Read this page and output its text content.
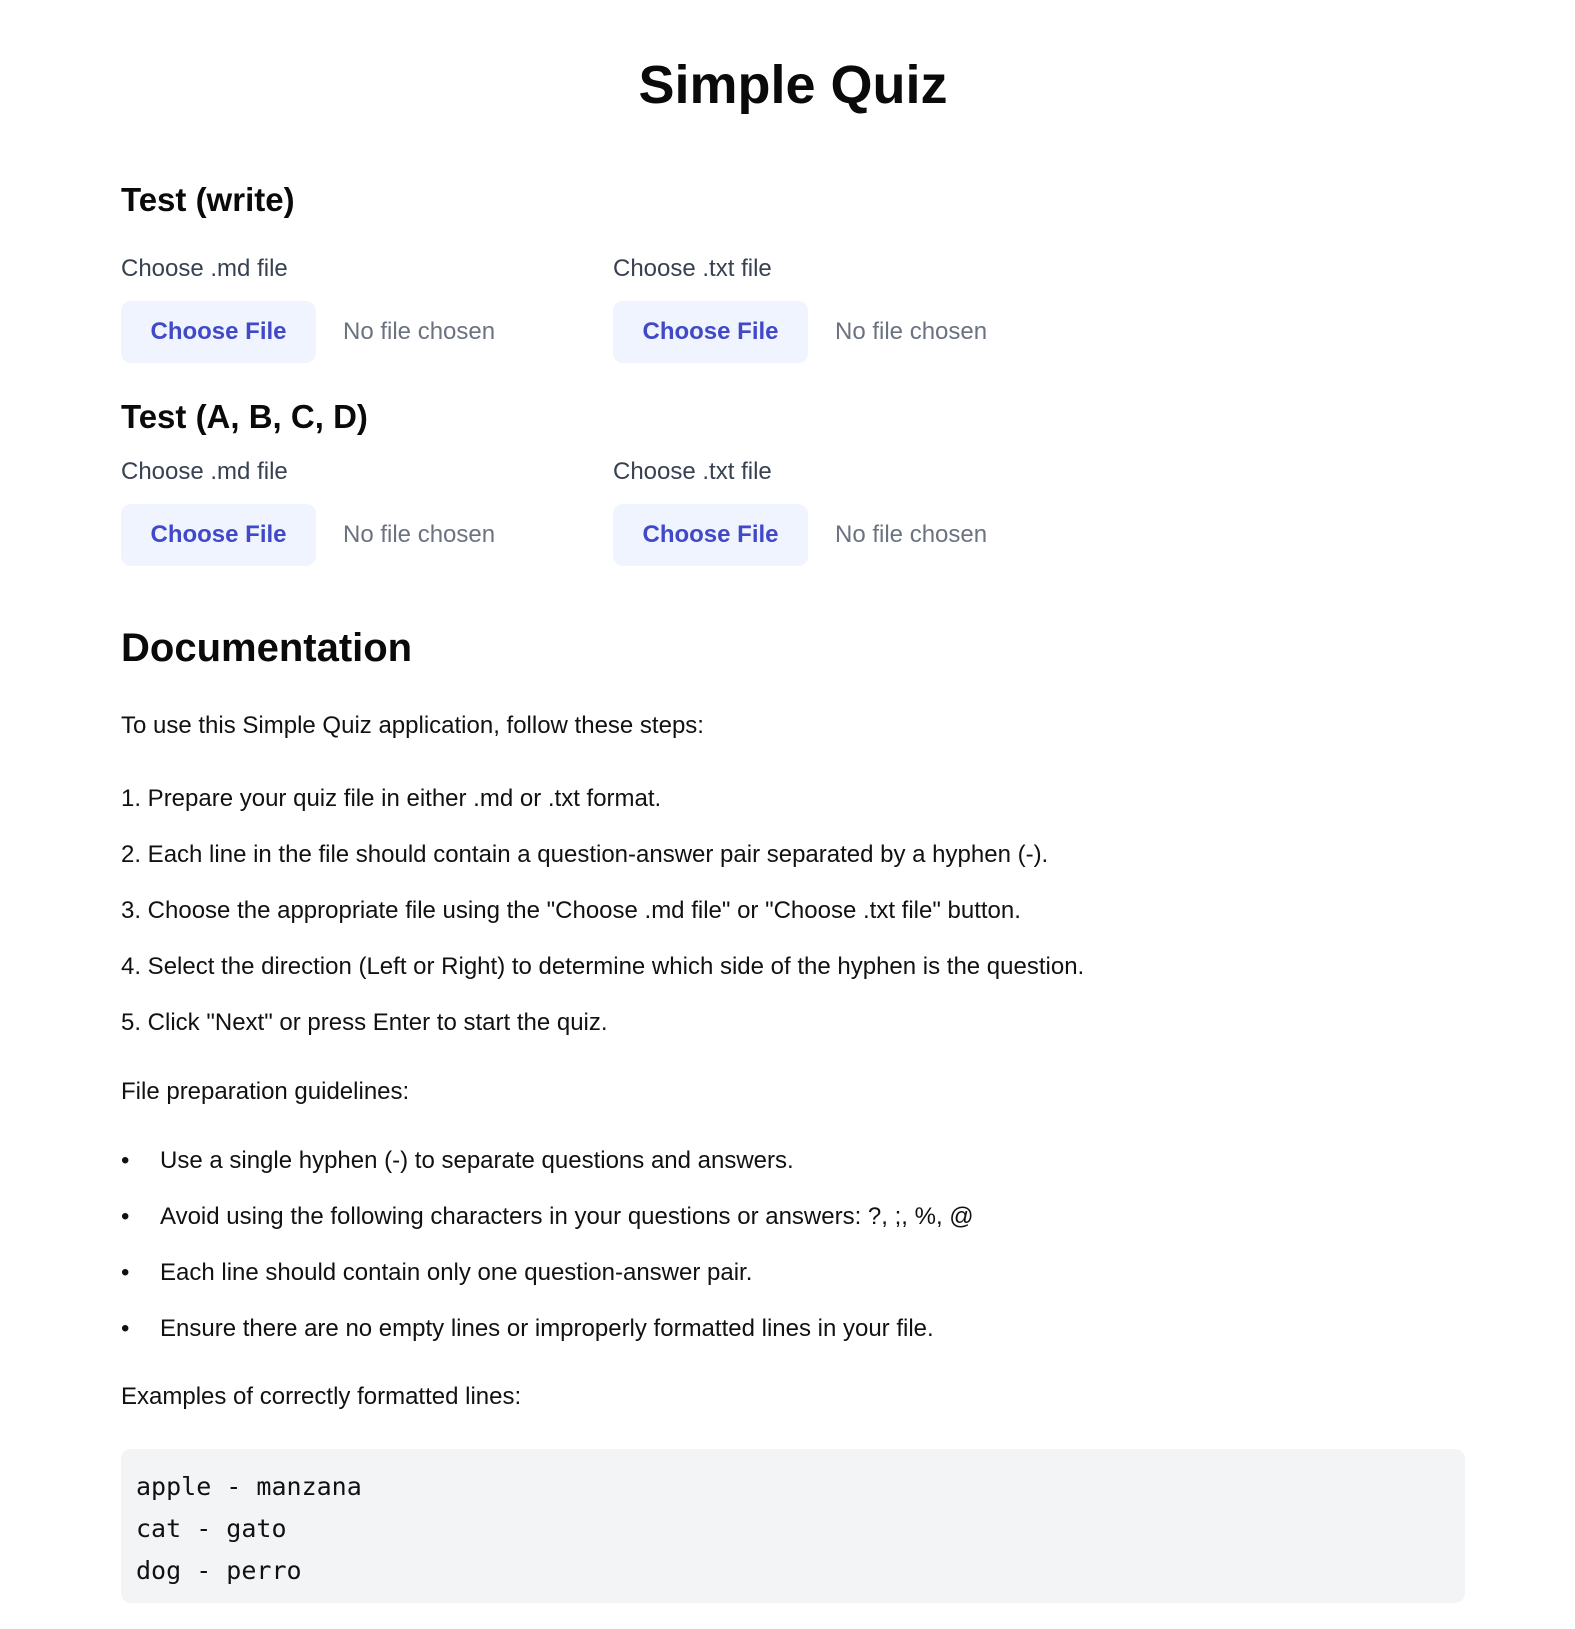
Simple Quiz
Test (write)
Choose .md file
Choose File	No file chosen
Choose .txt file
Choose File	No file chosen
Test (A, B, C, D)
Choose .md file
Choose File	No file chosen
Choose .txt file
Choose File	No file chosen
Documentation

To use this Simple Quiz application, follow these steps:

1. Prepare your quiz file in either .md or .txt format.

2. Each line in the file should contain a question-answer pair separated by a hyphen (-).

3. Choose the appropriate file using the "Choose .md file" or "Choose .txt file" button.

4. Select the direction (Left or Right) to determine which side of the hyphen is the question.

5. Click "Next" or press Enter to start the quiz.

File preparation guidelines:

• Use a single hyphen (-) to separate questions and answers.
• Avoid using the following characters in your questions or answers: ?, ;, %, @
• Each line should contain only one question-answer pair.
• Ensure there are no empty lines or improperly formatted lines in your file.

Examples of correctly formatted lines:

apple - manzana
cat - gato
dog - perro
